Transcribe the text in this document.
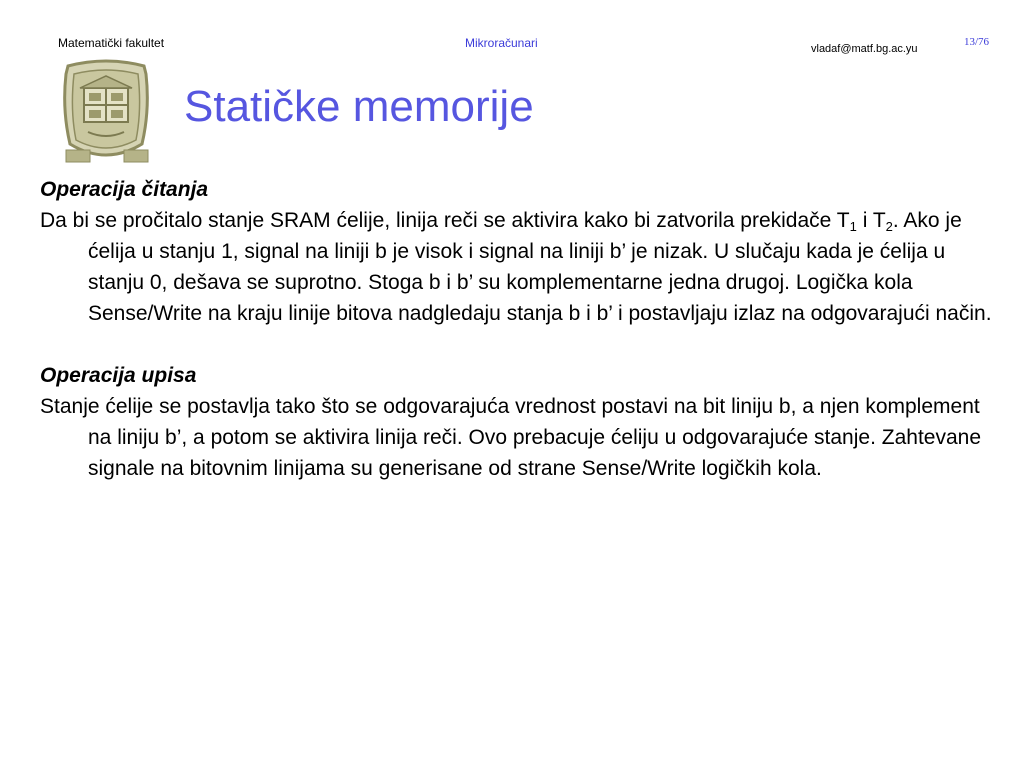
Matematički fakultet	Mikroračunari	vladaf@matf.bg.ac.yu
13/76
Statičke memorije
Operacija čitanja
Da bi se pročitalo stanje SRAM ćelije, linija reči se aktivira kako bi zatvorila prekidače $T_1$ i $T_2$. Ako je ćelija u stanju 1, signal na liniji b je visok i signal na liniji b’ je nizak. U slučaju kada je ćelija u stanju 0, dešava se suprotno. Stoga b i b’ su komplementarne jedna drugoj. Logička kola Sense/Write na kraju linije bitova nadgledaju stanja b i b’ i postavljaju izlaz na odgovarajući način.
Operacija upisa
Stanje ćelije se postavlja tako što se odgovarajuća vrednost postavi na bit liniju b, a njen komplement na liniju b’, a potom se aktivira linija reči. Ovo prebacuje ćeliju u odgovarajuće stanje. Zahtevane signale na bitovnim linijama su generisane od strane Sense/Write logičkih kola.
